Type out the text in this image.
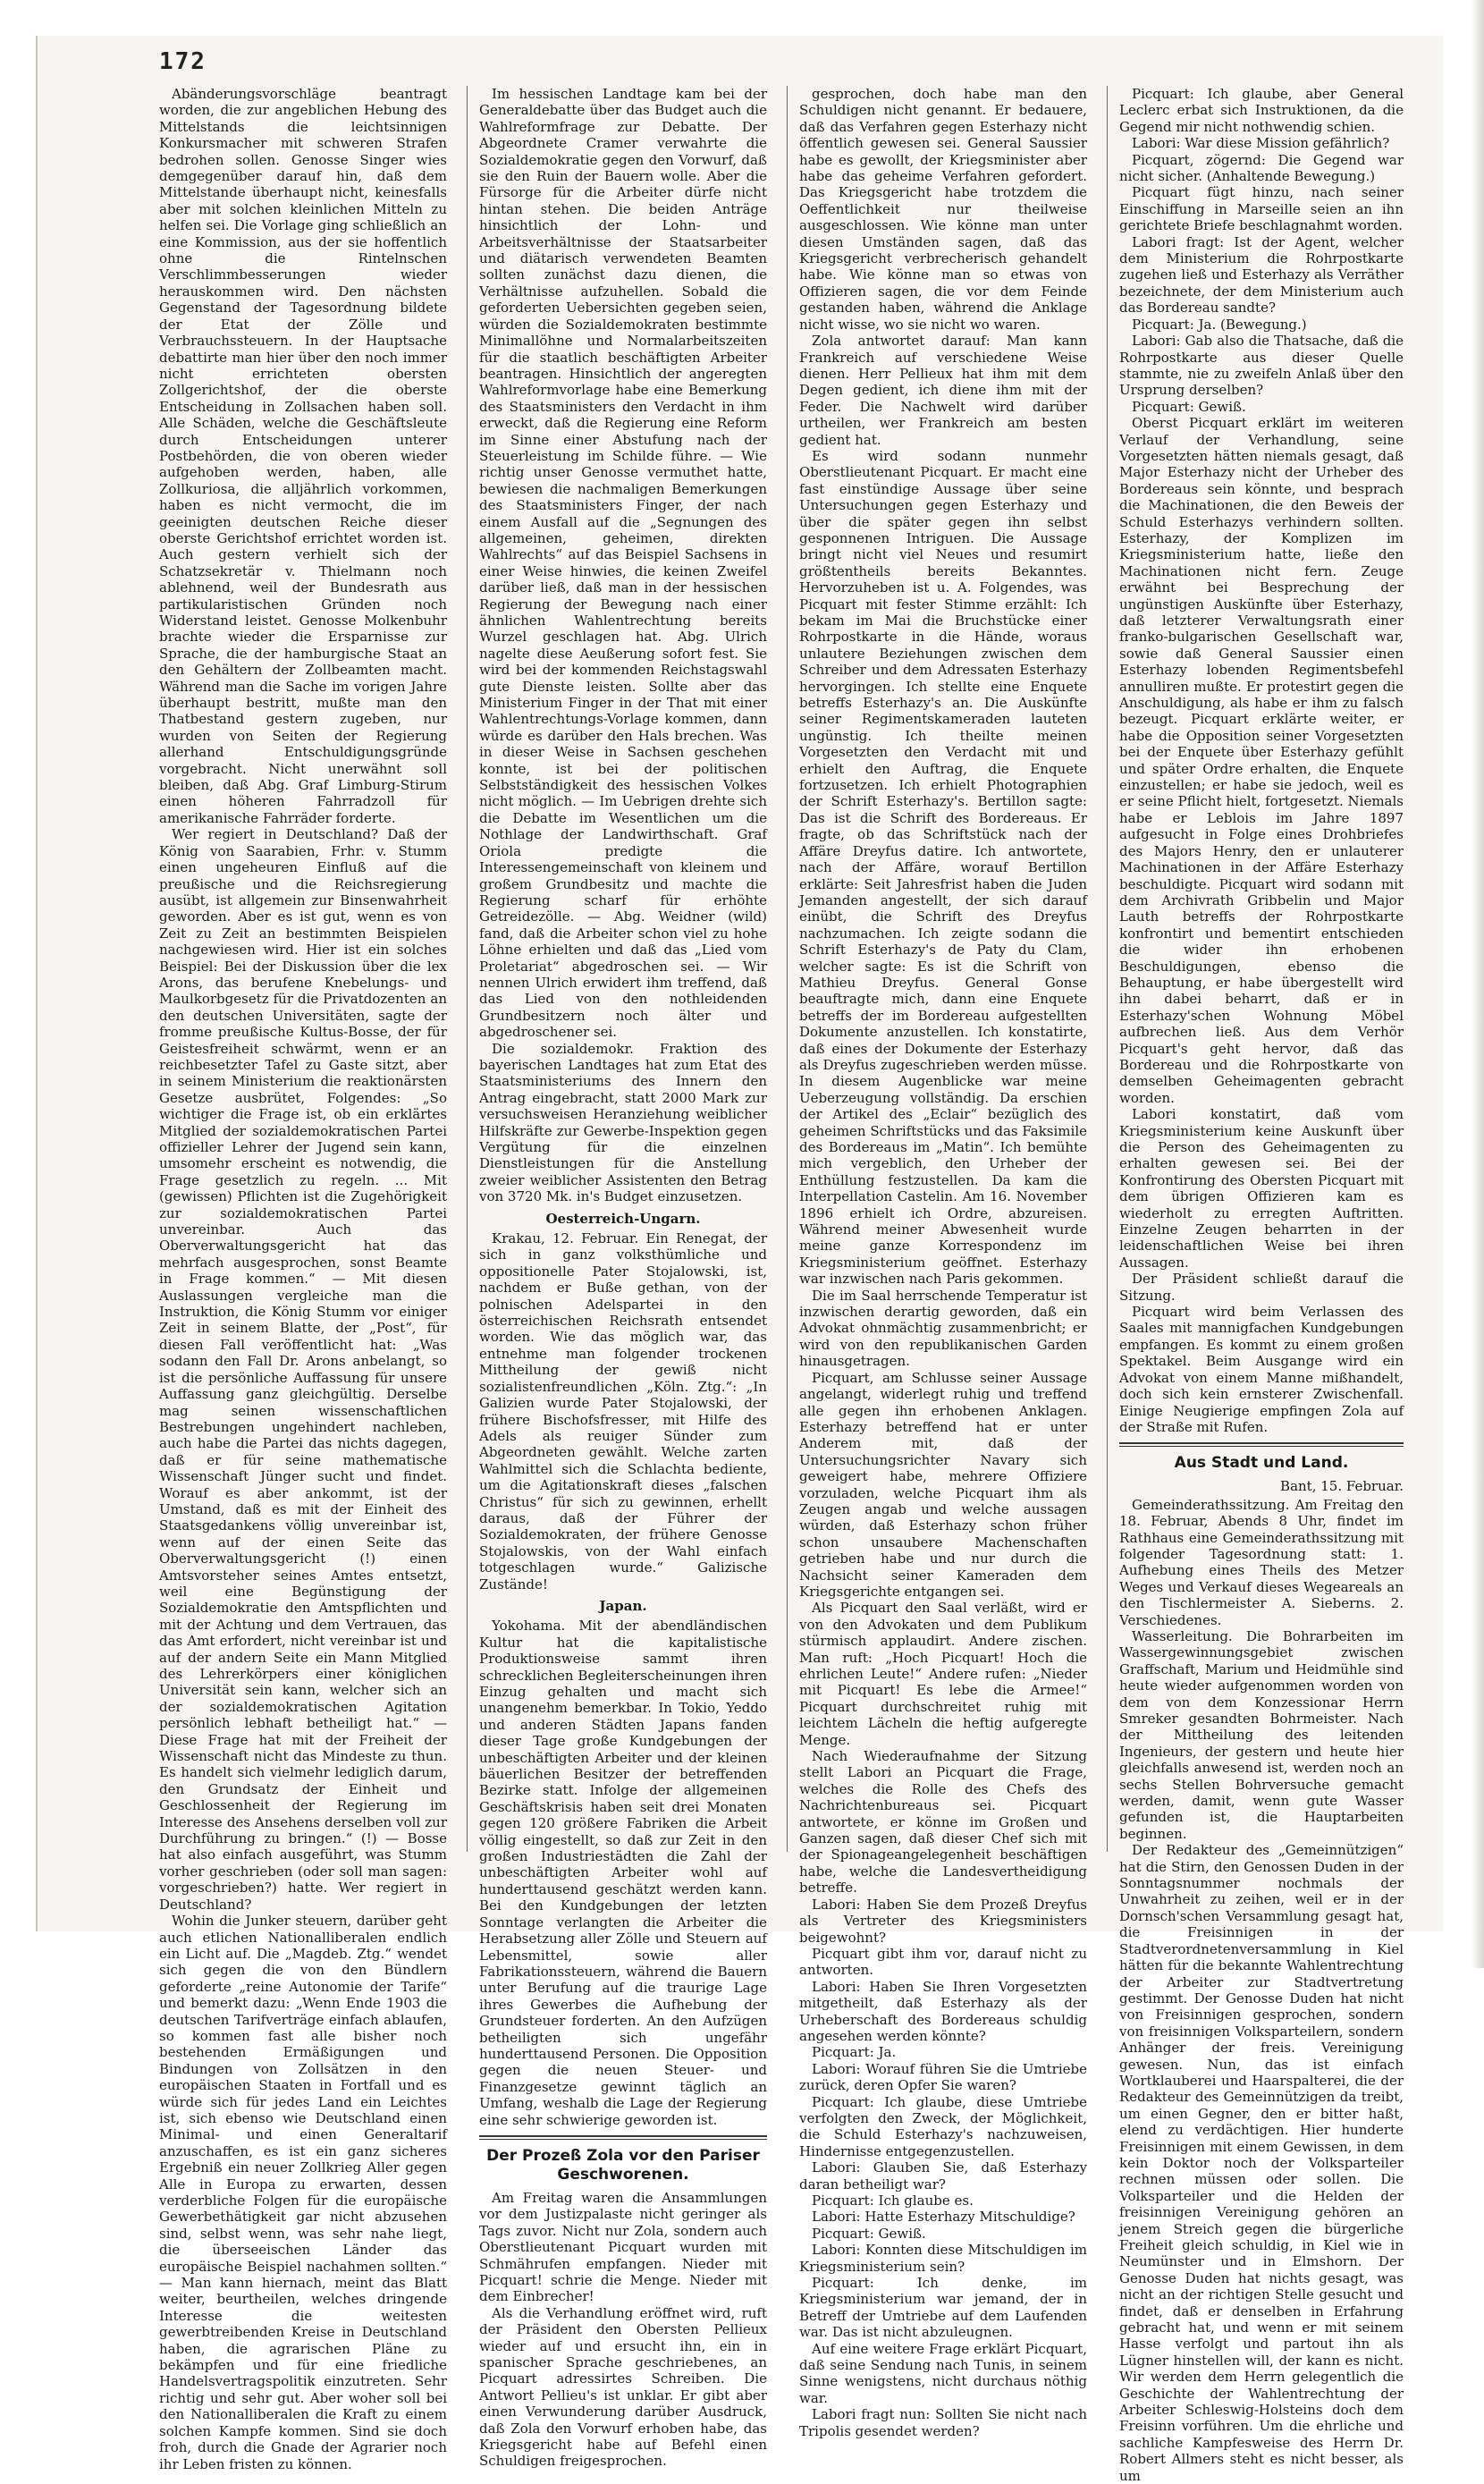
172

Abänderungsvorschläge beantragt worden, die zur angeblichen Hebung des Mittelstands die leichtsinnigen Konkursmacher mit schweren Strafen bedrohen sollen. Genosse Singer wies demgegenüber darauf hin, daß dem Mittelstande überhaupt nicht, keinesfalls aber mit solchen kleinlichen Mitteln zu helfen sei. Die Vorlage ging schließlich an eine Kommission, aus der sie hoffentlich ohne die Rintelnschen Verschlimmbesserungen wieder herauskommen wird. Den nächsten Gegenstand der Tagesordnung bildete der Etat der Zölle und Verbrauchssteuern. In der Hauptsache debattirte man hier über den noch immer nicht errichteten obersten Zollgerichtshof, der die oberste Entscheidung in Zollsachen haben soll. Alle Schäden, welche die Geschäftsleute durch Entscheidungen unterer Postbehörden, die von oberen wieder aufgehoben werden, haben, alle Zollkuriosa, die alljährlich vorkommen, haben es nicht vermocht, die im geeinigten deutschen Reiche dieser oberste Gerichtshof errichtet worden ist. Auch gestern verhielt sich der Schatzsekretär v. Thielmann noch ablehnend, weil der Bundesrath aus partikularistischen Gründen noch Widerstand leistet. Genosse Molkenbuhr brachte wieder die Ersparnisse zur Sprache, die der hamburgische Staat an den Gehältern der Zollbeamten macht. Während man die Sache im vorigen Jahre überhaupt bestritt, mußte man den Thatbestand gestern zugeben, nur wurden von Seiten der Regierung allerhand Entschuldigungsgründe vorgebracht. Nicht unerwähnt soll bleiben, daß Abg. Graf Limburg-Stirum einen höheren Fahrradzoll für amerikanische Fahrräder forderte.

Wer regiert in Deutschland? Daß der König von Saarabien, Frhr. v. Stumm einen ungeheuren Einfluß auf die preußische und die Reichsregierung ausübt, ist allgemein zur Binsenwahrheit geworden. Aber es ist gut, wenn es von Zeit zu Zeit an bestimmten Beispielen nachgewiesen wird. Hier ist ein solches Beispiel: Bei der Diskussion über die lex Arons, das berufene Knebelungs- und Maulkorbgesetz für die Privatdozenten an den deutschen Universitäten, sagte der fromme preußische Kultus-Bosse, der für Geistesfreiheit schwärmt, wenn er an reichbesetzter Tafel zu Gaste sitzt, aber in seinem Ministerium die reaktionärsten Gesetze ausbrütet, Folgendes: „So wichtiger die Frage ist, ob ein erklärtes Mitglied der sozialdemokratischen Partei offizieller Lehrer der Jugend sein kann, umsomehr erscheint es notwendig, die Frage gesetzlich zu regeln. ... Mit (gewissen) Pflichten ist die Zugehörigkeit zur sozialdemokratischen Partei unvereinbar. Auch das Oberverwaltungsgericht hat das mehrfach ausgesprochen, sonst Beamte in Frage kommen.“ — Mit diesen Auslassungen vergleiche man die Instruktion, die König Stumm vor einiger Zeit in seinem Blatte, der „Post“, für diesen Fall veröffentlicht hat: „Was sodann den Fall Dr. Arons anbelangt, so ist die persönliche Auffassung für unsere Auffassung ganz gleichgültig. Derselbe mag seinen wissenschaftlichen Bestrebungen ungehindert nachleben, auch habe die Partei das nichts dagegen, daß er für seine mathematische Wissenschaft Jünger sucht und findet. Worauf es aber ankommt, ist der Umstand, daß es mit der Einheit des Staatsgedankens völlig unvereinbar ist, wenn auf der einen Seite das Oberverwaltungsgericht (!) einen Amtsvorsteher seines Amtes entsetzt, weil eine Begünstigung der Sozialdemokratie den Amtspflichten und mit der Achtung und dem Vertrauen, das das Amt erfordert, nicht vereinbar ist und auf der andern Seite ein Mann Mitglied des Lehrerkörpers einer königlichen Universität sein kann, welcher sich an der sozialdemokratischen Agitation persönlich lebhaft betheiligt hat.“ — Diese Frage hat mit der Freiheit der Wissenschaft nicht das Mindeste zu thun. Es handelt sich vielmehr lediglich darum, den Grundsatz der Einheit und Geschlossenheit der Regierung im Interesse des Ansehens derselben voll zur Durchführung zu bringen.“ (!) — Bosse hat also einfach ausgeführt, was Stumm vorher geschrieben (oder soll man sagen: vorgeschrieben?) hatte. Wer regiert in Deutschland?

Wohin die Junker steuern, darüber geht auch etlichen Nationalliberalen endlich ein Licht auf. Die „Magdeb. Ztg.“ wendet sich gegen die von den Bündlern geforderte „reine Autonomie der Tarife“ und bemerkt dazu: „Wenn Ende 1903 die deutschen Tarifverträge einfach ablaufen, so kommen fast alle bisher noch bestehenden Ermäßigungen und Bindungen von Zollsätzen in den europäischen Staaten in Fortfall und es würde sich für jedes Land ein Leichtes ist, sich ebenso wie Deutschland einen Minimal- und einen Generaltarif anzuschaffen, es ist ein ganz sicheres Ergebniß ein neuer Zollkrieg Aller gegen Alle in Europa zu erwarten, dessen verderbliche Folgen für die europäische Gewerbethätigkeit gar nicht abzusehen sind, selbst wenn, was sehr nahe liegt, die überseeischen Länder das europäische Beispiel nachahmen sollten.“ — Man kann hiernach, meint das Blatt weiter, beurtheilen, welches dringende Interesse die weitesten gewerbtreibenden Kreise in Deutschland haben, die agrarischen Pläne zu bekämpfen und für eine friedliche Handelsvertragspolitik einzutreten. Sehr richtig und sehr gut. Aber woher soll bei den Nationalliberalen die Kraft zu einem solchen Kampfe kommen. Sind sie doch froh, durch die Gnade der Agrarier noch ihr Leben fristen zu können.

Im hessischen Landtage kam bei der Generaldebatte über das Budget auch die Wahlreformfrage zur Debatte. Der Abgeordnete Cramer verwahrte die Sozialdemokratie gegen den Vorwurf, daß sie den Ruin der Bauern wolle. Aber die Fürsorge für die Arbeiter dürfe nicht hintan stehen. Die beiden Anträge hinsichtlich der Lohn- und Arbeitsverhältnisse der Staatsarbeiter und diätarisch verwendeten Beamten sollten zunächst dazu dienen, die Verhältnisse aufzuhellen. Sobald die geforderten Uebersichten gegeben seien, würden die Sozialdemokraten bestimmte Minimallöhne und Normalarbeitszeiten für die staatlich beschäftigten Arbeiter beantragen. Hinsichtlich der angeregten Wahlreformvorlage habe eine Bemerkung des Staatsministers den Verdacht in ihm erweckt, daß die Regierung eine Reform im Sinne einer Abstufung nach der Steuerleistung im Schilde führe. — Wie richtig unser Genosse vermuthet hatte, bewiesen die nachmaligen Bemerkungen des Staatsministers Finger, der nach einem Ausfall auf die „Segnungen des allgemeinen, geheimen, direkten Wahlrechts“ auf das Beispiel Sachsens in einer Weise hinwies, die keinen Zweifel darüber ließ, daß man in der hessischen Regierung der Bewegung nach einer ähnlichen Wahlentrechtung bereits Wurzel geschlagen hat. Abg. Ulrich nagelte diese Aeußerung sofort fest. Sie wird bei der kommenden Reichstagswahl gute Dienste leisten. Sollte aber das Ministerium Finger in der That mit einer Wahlentrechtungs-Vorlage kommen, dann würde es darüber den Hals brechen. Was in dieser Weise in Sachsen geschehen konnte, ist bei der politischen Selbstständigkeit des hessischen Volkes nicht möglich. — Im Uebrigen drehte sich die Debatte im Wesentlichen um die Nothlage der Landwirthschaft. Graf Oriola predigte die Interessengemeinschaft von kleinem und großem Grundbesitz und machte die Regierung scharf für erhöhte Getreidezölle. — Abg. Weidner (wild) fand, daß die Arbeiter schon viel zu hohe Löhne erhielten und daß das „Lied vom Proletariat“ abgedroschen sei. — Wir nennen Ulrich erwidert ihm treffend, daß das Lied von den nothleidenden Grundbesitzern noch älter und abgedroschener sei.

Die sozialdemokr. Fraktion des bayerischen Landtages hat zum Etat des Staatsministeriums des Innern den Antrag eingebracht, statt 2000 Mark zur versuchsweisen Heranziehung weiblicher Hilfskräfte zur Gewerbe-Inspektion gegen Vergütung für die einzelnen Dienstleistungen für die Anstellung zweier weiblicher Assistenten den Betrag von 3720 Mk. in's Budget einzusetzen.

Oesterreich-Ungarn.

Krakau, 12. Februar. Ein Renegat, der sich in ganz volksthümliche und oppositionelle Pater Stojalowski, ist, nachdem er Buße gethan, von der polnischen Adelspartei in den österreichischen Reichsrath entsendet worden. Wie das möglich war, das entnehme man folgender trockenen Mittheilung der gewiß nicht sozialistenfreundlichen „Köln. Ztg.“: „In Galizien wurde Pater Stojalowski, der frühere Bischofsfresser, mit Hilfe des Adels als reuiger Sünder zum Abgeordneten gewählt. Welche zarten Wahlmittel sich die Schlachta bediente, um die Agitationskraft dieses „falschen Christus“ für sich zu gewinnen, erhellt daraus, daß der Führer der Sozialdemokraten, der frühere Genosse Stojalowskis, von der Wahl einfach totgeschlagen wurde.“ Galizische Zustände!

Japan.

Yokohama. Mit der abendländischen Kultur hat die kapitalistische Produktionsweise sammt ihren schrecklichen Begleiterscheinungen ihren Einzug gehalten und macht sich unangenehm bemerkbar. In Tokio, Yeddo und anderen Städten Japans fanden dieser Tage große Kundgebungen der unbeschäftigten Arbeiter und der kleinen bäuerlichen Besitzer der betreffenden Bezirke statt. Infolge der allgemeinen Geschäftskrisis haben seit drei Monaten gegen 120 größere Fabriken die Arbeit völlig eingestellt, so daß zur Zeit in den großen Industriestädten die Zahl der unbeschäftigten Arbeiter wohl auf hunderttausend geschätzt werden kann. Bei den Kundgebungen der letzten Sonntage verlangten die Arbeiter die Herabsetzung aller Zölle und Steuern auf Lebensmittel, sowie aller Fabrikationssteuern, während die Bauern unter Berufung auf die traurige Lage ihres Gewerbes die Aufhebung der Grundsteuer forderten. An den Aufzügen betheiligten sich ungefähr hunderttausend Personen. Die Opposition gegen die neuen Steuer- und Finanzgesetze gewinnt täglich an Umfang, weshalb die Lage der Regierung eine sehr schwierige geworden ist.

Der Prozeß Zola vor den Pariser Geschworenen.

Am Freitag waren die Ansammlungen vor dem Justizpalaste nicht geringer als Tags zuvor. Nicht nur Zola, sondern auch Oberstlieutenant Picquart wurden mit Schmährufen empfangen. Nieder mit Picquart! schrie die Menge. Nieder mit dem Einbrecher!

Als die Verhandlung eröffnet wird, ruft der Präsident den Obersten Pellieux wieder auf und ersucht ihn, ein in spanischer Sprache geschriebenes, an Picquart adressirtes Schreiben. Die Antwort Pellieu's ist unklar. Er gibt aber einen Verwunderung darüber Ausdruck, daß Zola den Vorwurf erhoben habe, das Kriegsgericht habe auf Befehl einen Schuldigen freigesprochen.

gesprochen, doch habe man den Schuldigen nicht genannt. Er bedauere, daß das Verfahren gegen Esterhazy nicht öffentlich gewesen sei. General Saussier habe es gewollt, der Kriegsminister aber habe das geheime Verfahren gefordert. Das Kriegsgericht habe trotzdem die Oeffentlichkeit nur theilweise ausgeschlossen. Wie könne man unter diesen Umständen sagen, daß das Kriegsgericht verbrecherisch gehandelt habe. Wie könne man so etwas von Offizieren sagen, die vor dem Feinde gestanden haben, während die Anklage nicht wisse, wo sie nicht wo waren.

Zola antwortet darauf: Man kann Frankreich auf verschiedene Weise dienen. Herr Pellieux hat ihm mit dem Degen gedient, ich diene ihm mit der Feder. Die Nachwelt wird darüber urtheilen, wer Frankreich am besten gedient hat.

Es wird sodann nunmehr Oberstlieutenant Picquart. Er macht eine fast einstündige Aussage über seine Untersuchungen gegen Esterhazy und über die später gegen ihn selbst gesponnenen Intriguen. Die Aussage bringt nicht viel Neues und resumirt größtentheils bereits Bekanntes. Hervorzuheben ist u. A. Folgendes, was Picquart mit fester Stimme erzählt: Ich bekam im Mai die Bruchstücke einer Rohrpostkarte in die Hände, woraus unlautere Beziehungen zwischen dem Schreiber und dem Adressaten Esterhazy hervorgingen. Ich stellte eine Enquete betreffs Esterhazy's an. Die Auskünfte seiner Regimentskameraden lauteten ungünstig. Ich theilte meinen Vorgesetzten den Verdacht mit und erhielt den Auftrag, die Enquete fortzusetzen. Ich erhielt Photographien der Schrift Esterhazy's. Bertillon sagte: Das ist die Schrift des Bordereaus. Er fragte, ob das Schriftstück nach der Affäre Dreyfus datire. Ich antwortete, nach der Affäre, worauf Bertillon erklärte: Seit Jahresfrist haben die Juden Jemanden angestellt, der sich darauf einübt, die Schrift des Dreyfus nachzumachen. Ich zeigte sodann die Schrift Esterhazy's de Paty du Clam, welcher sagte: Es ist die Schrift von Mathieu Dreyfus. General Gonse beauftragte mich, dann eine Enquete betreffs der im Bordereau aufgestellten Dokumente anzustellen. Ich konstatirte, daß eines der Dokumente der Esterhazy als Dreyfus zugeschrieben werden müsse. In diesem Augenblicke war meine Ueberzeugung vollständig. Da erschien der Artikel des „Eclair“ bezüglich des geheimen Schriftstücks und das Faksimile des Bordereaus im „Matin“. Ich bemühte mich vergeblich, den Urheber der Enthüllung festzustellen. Da kam die Interpellation Castelin. Am 16. November 1896 erhielt ich Ordre, abzureisen. Während meiner Abwesenheit wurde meine ganze Korrespondenz im Kriegsministerium geöffnet. Esterhazy war inzwischen nach Paris gekommen.

Die im Saal herrschende Temperatur ist inzwischen derartig geworden, daß ein Advokat ohnmächtig zusammenbricht; er wird von den republikanischen Garden hinausgetragen.

Picquart, am Schlusse seiner Aussage angelangt, widerlegt ruhig und treffend alle gegen ihn erhobenen Anklagen. Esterhazy betreffend hat er unter Anderem mit, daß der Untersuchungsrichter Navary sich geweigert habe, mehrere Offiziere vorzuladen, welche Picquart ihm als Zeugen angab und welche aussagen würden, daß Esterhazy schon früher schon unsaubere Machenschaften getrieben habe und nur durch die Nachsicht seiner Kameraden dem Kriegsgerichte entgangen sei.

Als Picquart den Saal verläßt, wird er von den Advokaten und dem Publikum stürmisch applaudirt. Andere zischen. Man ruft: „Hoch Picquart! Hoch die ehrlichen Leute!“ Andere rufen: „Nieder mit Picquart! Es lebe die Armee!“ Picquart durchschreitet ruhig mit leichtem Lächeln die heftig aufgeregte Menge.

Nach Wiederaufnahme der Sitzung stellt Labori an Picquart die Frage, welches die Rolle des Chefs des Nachrichtenbureaus sei. Picquart antwortete, er könne im Großen und Ganzen sagen, daß dieser Chef sich mit der Spionageangelegenheit beschäftigen habe, welche die Landesvertheidigung betreffe.

Labori: Haben Sie dem Prozeß Dreyfus als Vertreter des Kriegsministers beigewohnt?

Picquart gibt ihm vor, darauf nicht zu antworten.

Labori: Haben Sie Ihren Vorgesetzten mitgetheilt, daß Esterhazy als der Urheberschaft des Bordereaus schuldig angesehen werden könnte?

Picquart: Ja.

Labori: Worauf führen Sie die Umtriebe zurück, deren Opfer Sie waren?

Picquart: Ich glaube, diese Umtriebe verfolgten den Zweck, der Möglichkeit, die Schuld Esterhazy's nachzuweisen, Hindernisse entgegenzustellen.

Labori: Glauben Sie, daß Esterhazy daran betheiligt war?

Picquart: Ich glaube es.

Labori: Hatte Esterhazy Mitschuldige?

Picquart: Gewiß.

Labori: Konnten diese Mitschuldigen im Kriegsministerium sein?

Picquart: Ich denke, im Kriegsministerium war jemand, der in Betreff der Umtriebe auf dem Laufenden war. Das ist nicht abzuleugnen.

Auf eine weitere Frage erklärt Picquart, daß seine Sendung nach Tunis, in seinem Sinne wenigstens, nicht durchaus nöthig war.

Labori fragt nun: Sollten Sie nicht nach Tripolis gesendet werden?

Picquart: Ich glaube, aber General Leclerc erbat sich Instruktionen, da die Gegend mir nicht nothwendig schien.

Labori: War diese Mission gefährlich?

Picquart, zögernd: Die Gegend war nicht sicher. (Anhaltende Bewegung.)

Picquart fügt hinzu, nach seiner Einschiffung in Marseille seien an ihn gerichtete Briefe beschlagnahmt worden.

Labori fragt: Ist der Agent, welcher dem Ministerium die Rohrpostkarte zugehen ließ und Esterhazy als Verräther bezeichnete, der dem Ministerium auch das Bordereau sandte?

Picquart: Ja. (Bewegung.)

Labori: Gab also die Thatsache, daß die Rohrpostkarte aus dieser Quelle stammte, nie zu zweifeln Anlaß über den Ursprung derselben?

Picquart: Gewiß.

Oberst Picquart erklärt im weiteren Verlauf der Verhandlung, seine Vorgesetzten hätten niemals gesagt, daß Major Esterhazy nicht der Urheber des Bordereaus sein könnte, und besprach die Machinationen, die den Beweis der Schuld Esterhazys verhindern sollten. Esterhazy, der Komplizen im Kriegsministerium hatte, ließe den Machinationen nicht fern. Zeuge erwähnt bei Besprechung der ungünstigen Auskünfte über Esterhazy, daß letzterer Verwaltungsrath einer franko-bulgarischen Gesellschaft war, sowie daß General Saussier einen Esterhazy lobenden Regimentsbefehl annulliren mußte. Er protestirt gegen die Anschuldigung, als habe er ihm zu falsch bezeugt. Picquart erklärte weiter, er habe die Opposition seiner Vorgesetzten bei der Enquete über Esterhazy gefühlt und später Ordre erhalten, die Enquete einzustellen; er habe sie jedoch, weil es er seine Pflicht hielt, fortgesetzt. Niemals habe er Leblois im Jahre 1897 aufgesucht in Folge eines Drohbriefes des Majors Henry, den er unlauterer Machinationen in der Affäre Esterhazy beschuldigte. Picquart wird sodann mit dem Archivrath Gribbelin und Major Lauth betreffs der Rohrpostkarte konfrontirt und bementirt entschieden die wider ihn erhobenen Beschuldigungen, ebenso die Behauptung, er habe übergestellt wird ihn dabei beharrt, daß er in Esterhazy'schen Wohnung Möbel aufbrechen ließ. Aus dem Verhör Picquart's geht hervor, daß das Bordereau und die Rohrpostkarte von demselben Geheimagenten gebracht worden.

Labori konstatirt, daß vom Kriegsministerium keine Auskunft über die Person des Geheimagenten zu erhalten gewesen sei. Bei der Konfrontirung des Obersten Picquart mit dem übrigen Offizieren kam es wiederholt zu erregten Auftritten. Einzelne Zeugen beharrten in der leidenschaftlichen Weise bei ihren Aussagen.

Der Präsident schließt darauf die Sitzung.

Picquart wird beim Verlassen des Saales mit mannigfachen Kundgebungen empfangen. Es kommt zu einem großen Spektakel. Beim Ausgange wird ein Advokat von einem Manne mißhandelt, doch sich kein ernsterer Zwischenfall. Einige Neugierige empfingen Zola auf der Straße mit Rufen.

Aus Stadt und Land.

Bant, 15. Februar.

Gemeinderathssitzung. Am Freitag den 18. Februar, Abends 8 Uhr, findet im Rathhaus eine Gemeinderathssitzung mit folgender Tagesordnung statt: 1. Aufhebung eines Theils des Metzer Weges und Verkauf dieses Wegeareals an den Tischlermeister A. Sieberns. 2. Verschiedenes.

Wasserleitung. Die Bohrarbeiten im Wassergewinnungsgebiet zwischen Graffschaft, Marium und Heidmühle sind heute wieder aufgenommen worden von dem von dem Konzessionar Herrn Smreker gesandten Bohrmeister. Nach der Mittheilung des leitenden Ingenieurs, der gestern und heute hier gleichfalls anwesend ist, werden noch an sechs Stellen Bohrversuche gemacht werden, damit, wenn gute Wasser gefunden ist, die Hauptarbeiten beginnen.

Der Redakteur des „Gemeinnützigen“ hat die Stirn, den Genossen Duden in der Sonntagsnummer nochmals der Unwahrheit zu zeihen, weil er in der Dornsch'schen Versammlung gesagt hat, die Freisinnigen in der Stadtverordnetenversammlung in Kiel hätten für die bekannte Wahlentrechtung der Arbeiter zur Stadtvertretung gestimmt. Der Genosse Duden hat nicht von Freisinnigen gesprochen, sondern von freisinnigen Volksparteilern, sondern Anhänger der freis. Vereinigung gewesen. Nun, das ist einfach Wortklauberei und Haarspalterei, die der Redakteur des Gemeinnützigen da treibt, um einen Gegner, den er bitter haßt, elend zu verdächtigen. Hier hunderte Freisinnigen mit einem Gewissen, in dem kein Doktor noch der Volksparteiler rechnen müssen oder sollen. Die Volksparteiler und die Helden der freisinnigen Vereinigung gehören an jenem Streich gegen die bürgerliche Freiheit gleich schuldig, in Kiel wie in Neumünster und in Elmshorn. Der Genosse Duden hat nichts gesagt, was nicht an der richtigen Stelle gesucht und findet, daß er denselben in Erfahrung gebracht hat, und wenn er mit seinem Hasse verfolgt und partout ihn als Lügner hinstellen will, der kann es nicht. Wir werden dem Herrn gelegentlich die Geschichte der Wahlentrechtung der Arbeiter Schleswig-Holsteins doch dem Freisinn vorführen. Um die ehrliche und sachliche Kampfesweise des Herrn Dr. Robert Allmers steht es nicht besser, als um
